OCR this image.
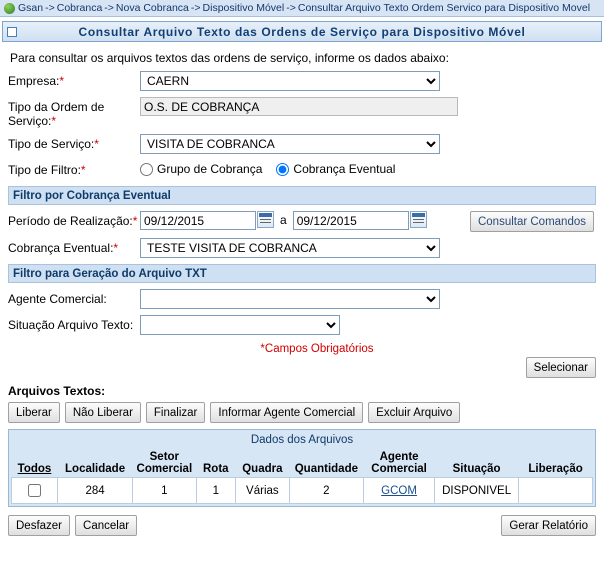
Gsan -> Cobranca -> Nova Cobranca -> Dispositivo Móvel -> Consultar Arquivo Texto Ordem Servico para Dispositivo Movel
Consultar Arquivo Texto das Ordens de Serviço para Dispositivo Móvel
Para consultar os arquivos textos das ordens de serviço, informe os dados abaixo:
Empresa:*
CAERN
Tipo da Ordem de Serviço:*
O.S. DE COBRANÇA
Tipo de Serviço:*
VISITA DE COBRANCA
Tipo de Filtro:*	Grupo de Cobrança	Cobrança Eventual
Filtro por Cobrança Eventual
Período de Realização:*
09/12/2015	a
09/12/2015	Consultar Comandos
Cobrança Eventual:*
TESTE VISITA DE COBRANCA
Filtro para Geração do Arquivo TXT
Agente Comercial:
Situação Arquivo Texto:
*Campos Obrigatórios
Selecionar
Arquivos Textos:
Liberar	Não Liberar	Finalizar	Informar Agente Comercial	Excluir Arquivo
Dados dos Arquivos								
Todos	Localidade	Setor Comercial	Rota	Quadra	Quantidade	Agente Comercial	Situação	Liberação
	284	1	1	Várias	2	GCOM	DISPONIVEL	
Desfazer	Cancelar	Gerar Relatório
